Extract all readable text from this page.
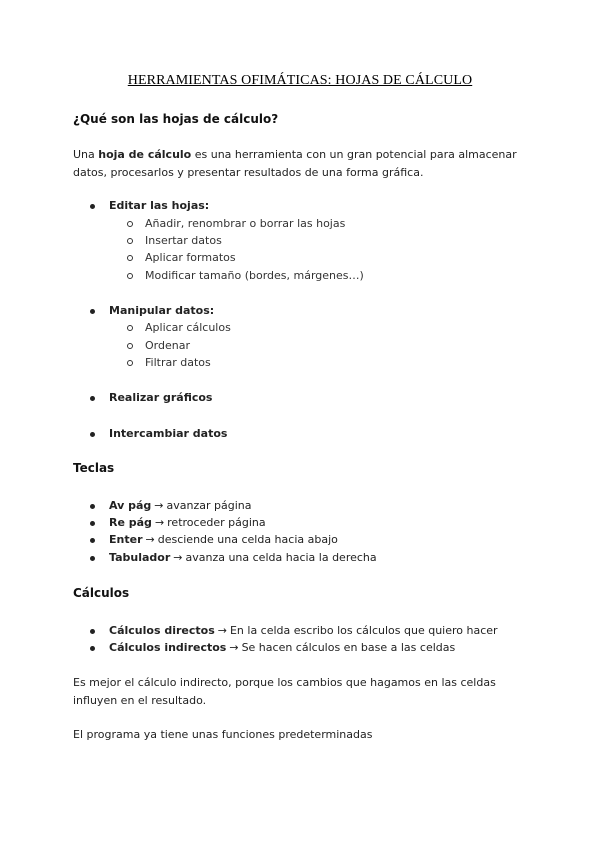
HERRAMIENTAS OFIMÁTICAS: HOJAS DE CÁLCULO
¿Qué son las hojas de cálculo?
Una hoja de cálculo es una herramienta con un gran potencial para almacenar datos, procesarlos y presentar resultados de una forma gráfica.
Editar las hojas:
Añadir, renombrar o borrar las hojas
Insertar datos
Aplicar formatos
Modificar tamaño (bordes, márgenes…)
Manipular datos:
Aplicar cálculos
Ordenar
Filtrar datos
Realizar gráficos
Intercambiar datos
Teclas
Av pág → avanzar página
Re pág → retroceder página
Enter → desciende una celda hacia abajo
Tabulador → avanza una celda hacia la derecha
Cálculos
Cálculos directos → En la celda escribo los cálculos que quiero hacer
Cálculos indirectos → Se hacen cálculos en base a las celdas
Es mejor el cálculo indirecto, porque los cambios que hagamos en las celdas influyen en el resultado.
El programa ya tiene unas funciones predeterminadas
